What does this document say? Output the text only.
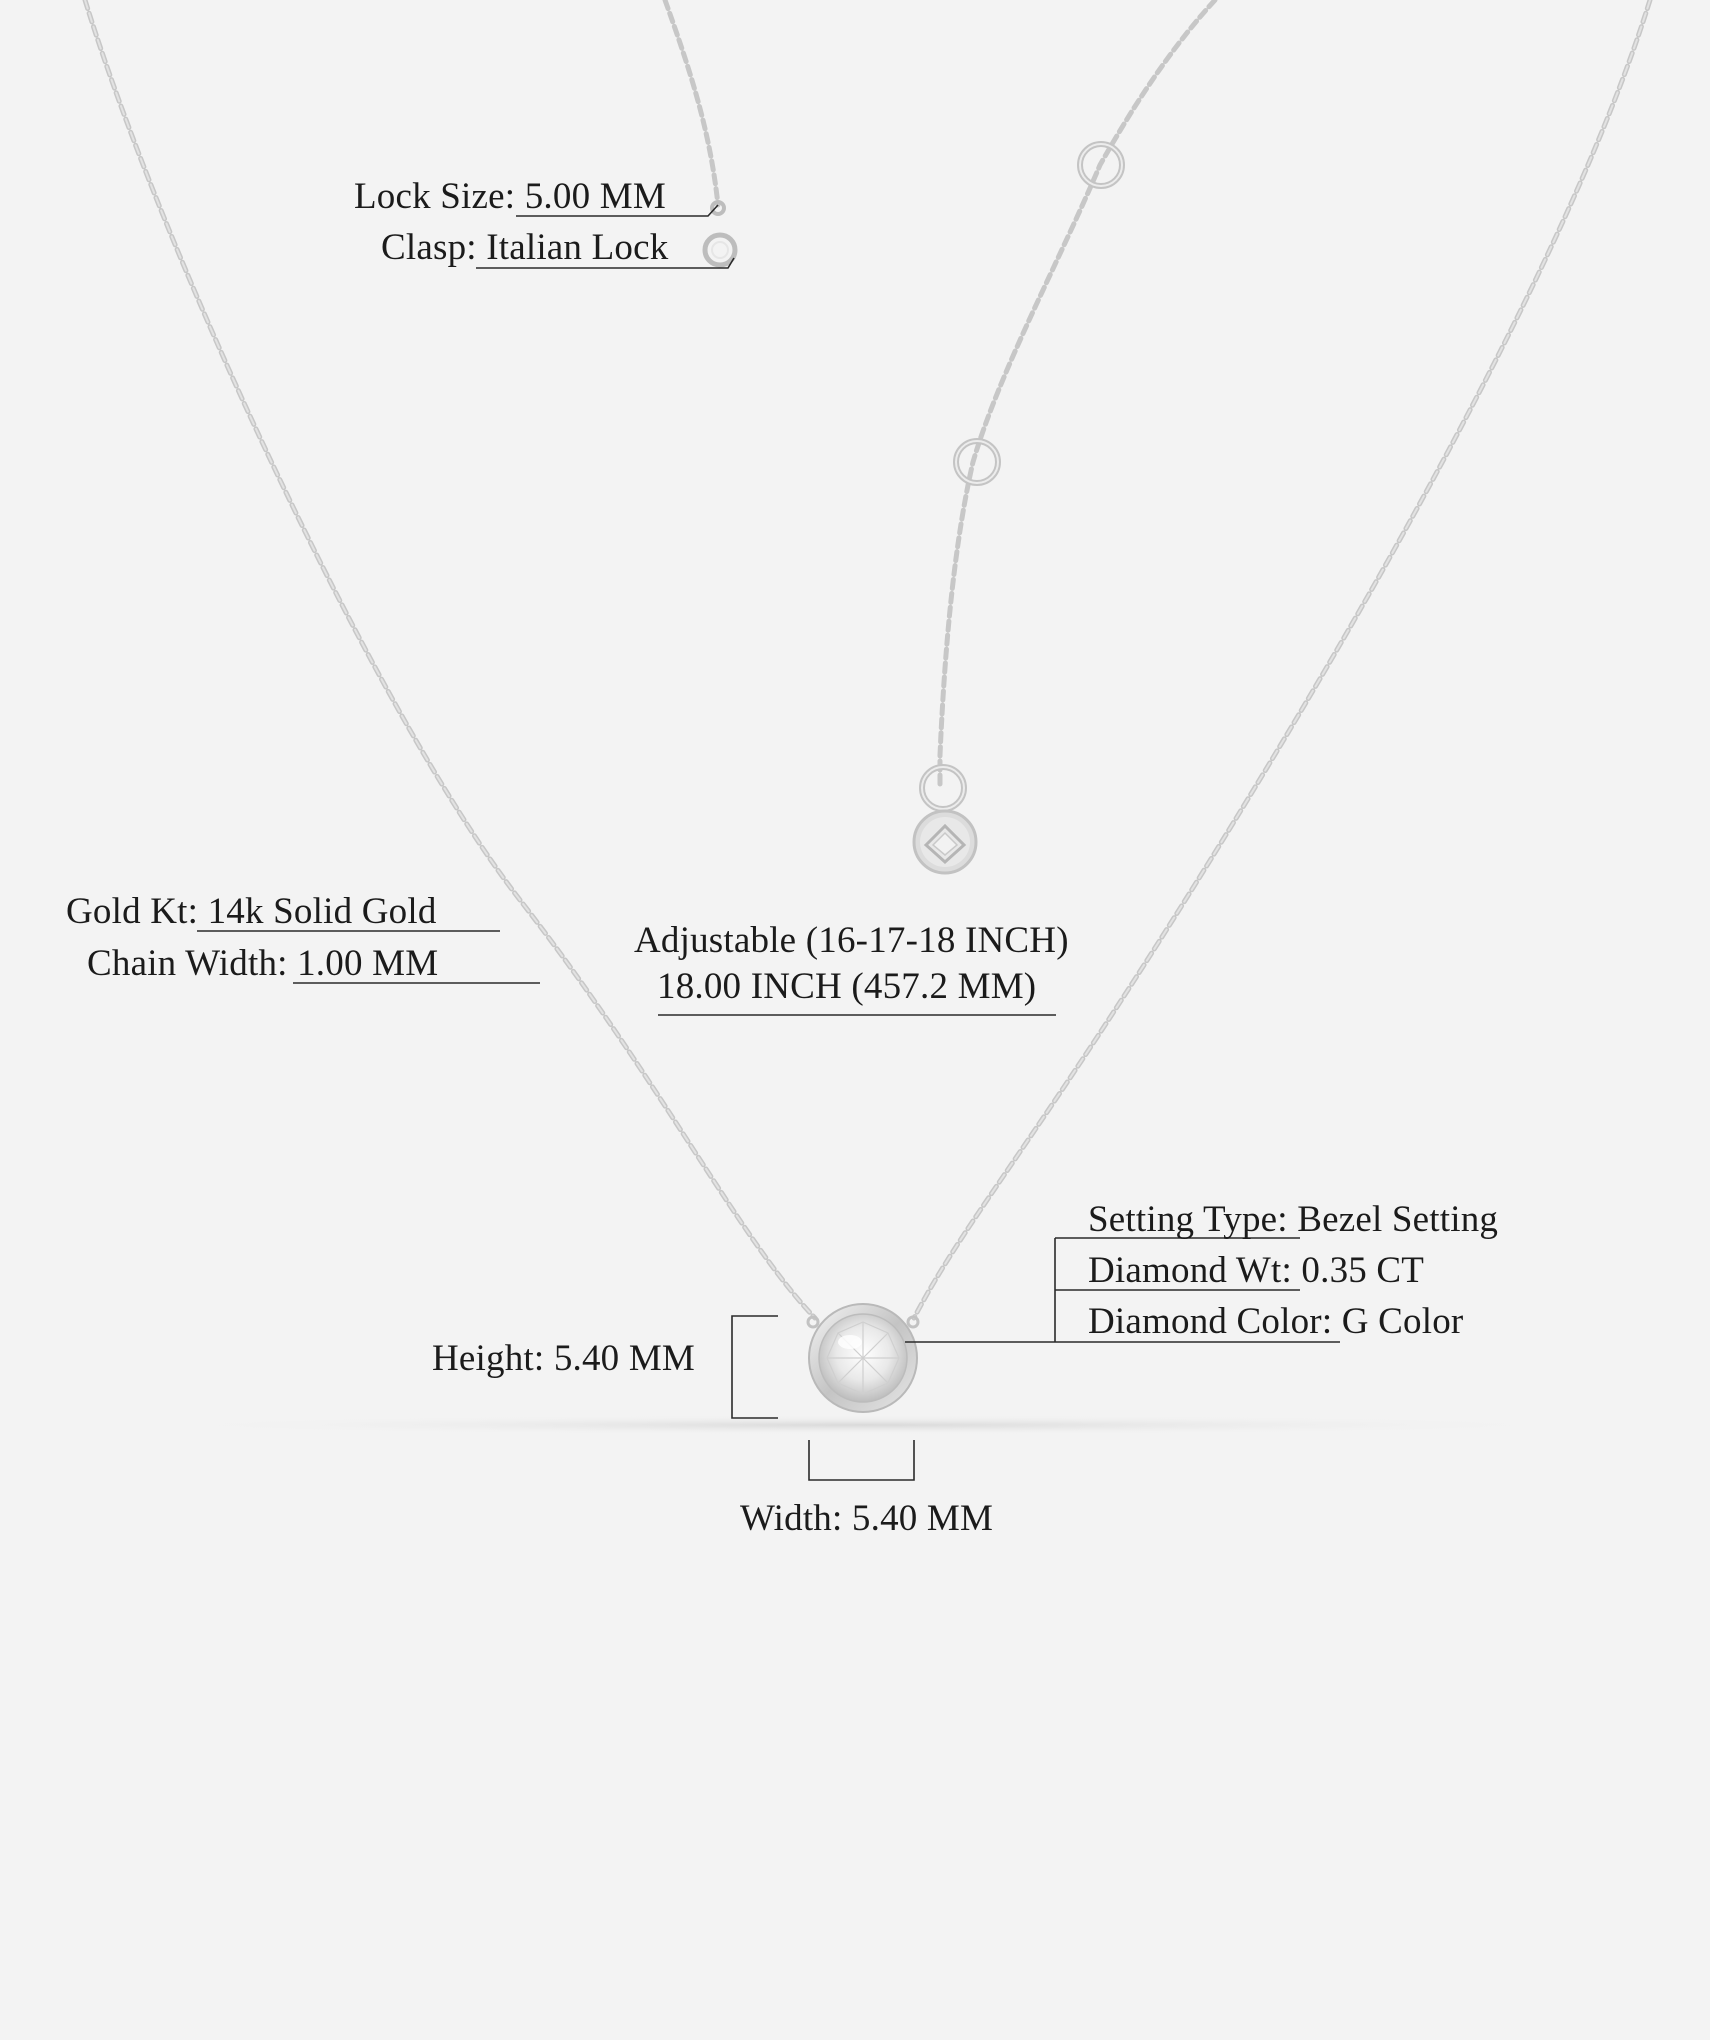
Lock Size: 5.00 MM
Clasp: Italian Lock
Gold Kt: 14k Solid Gold
Chain Width: 1.00 MM
Adjustable (16-17-18 INCH)
18.00 INCH (457.2 MM)
Setting Type: Bezel Setting
Diamond Wt: 0.35 CT
Diamond Color: G Color
Height: 5.40 MM
Width: 5.40 MM
